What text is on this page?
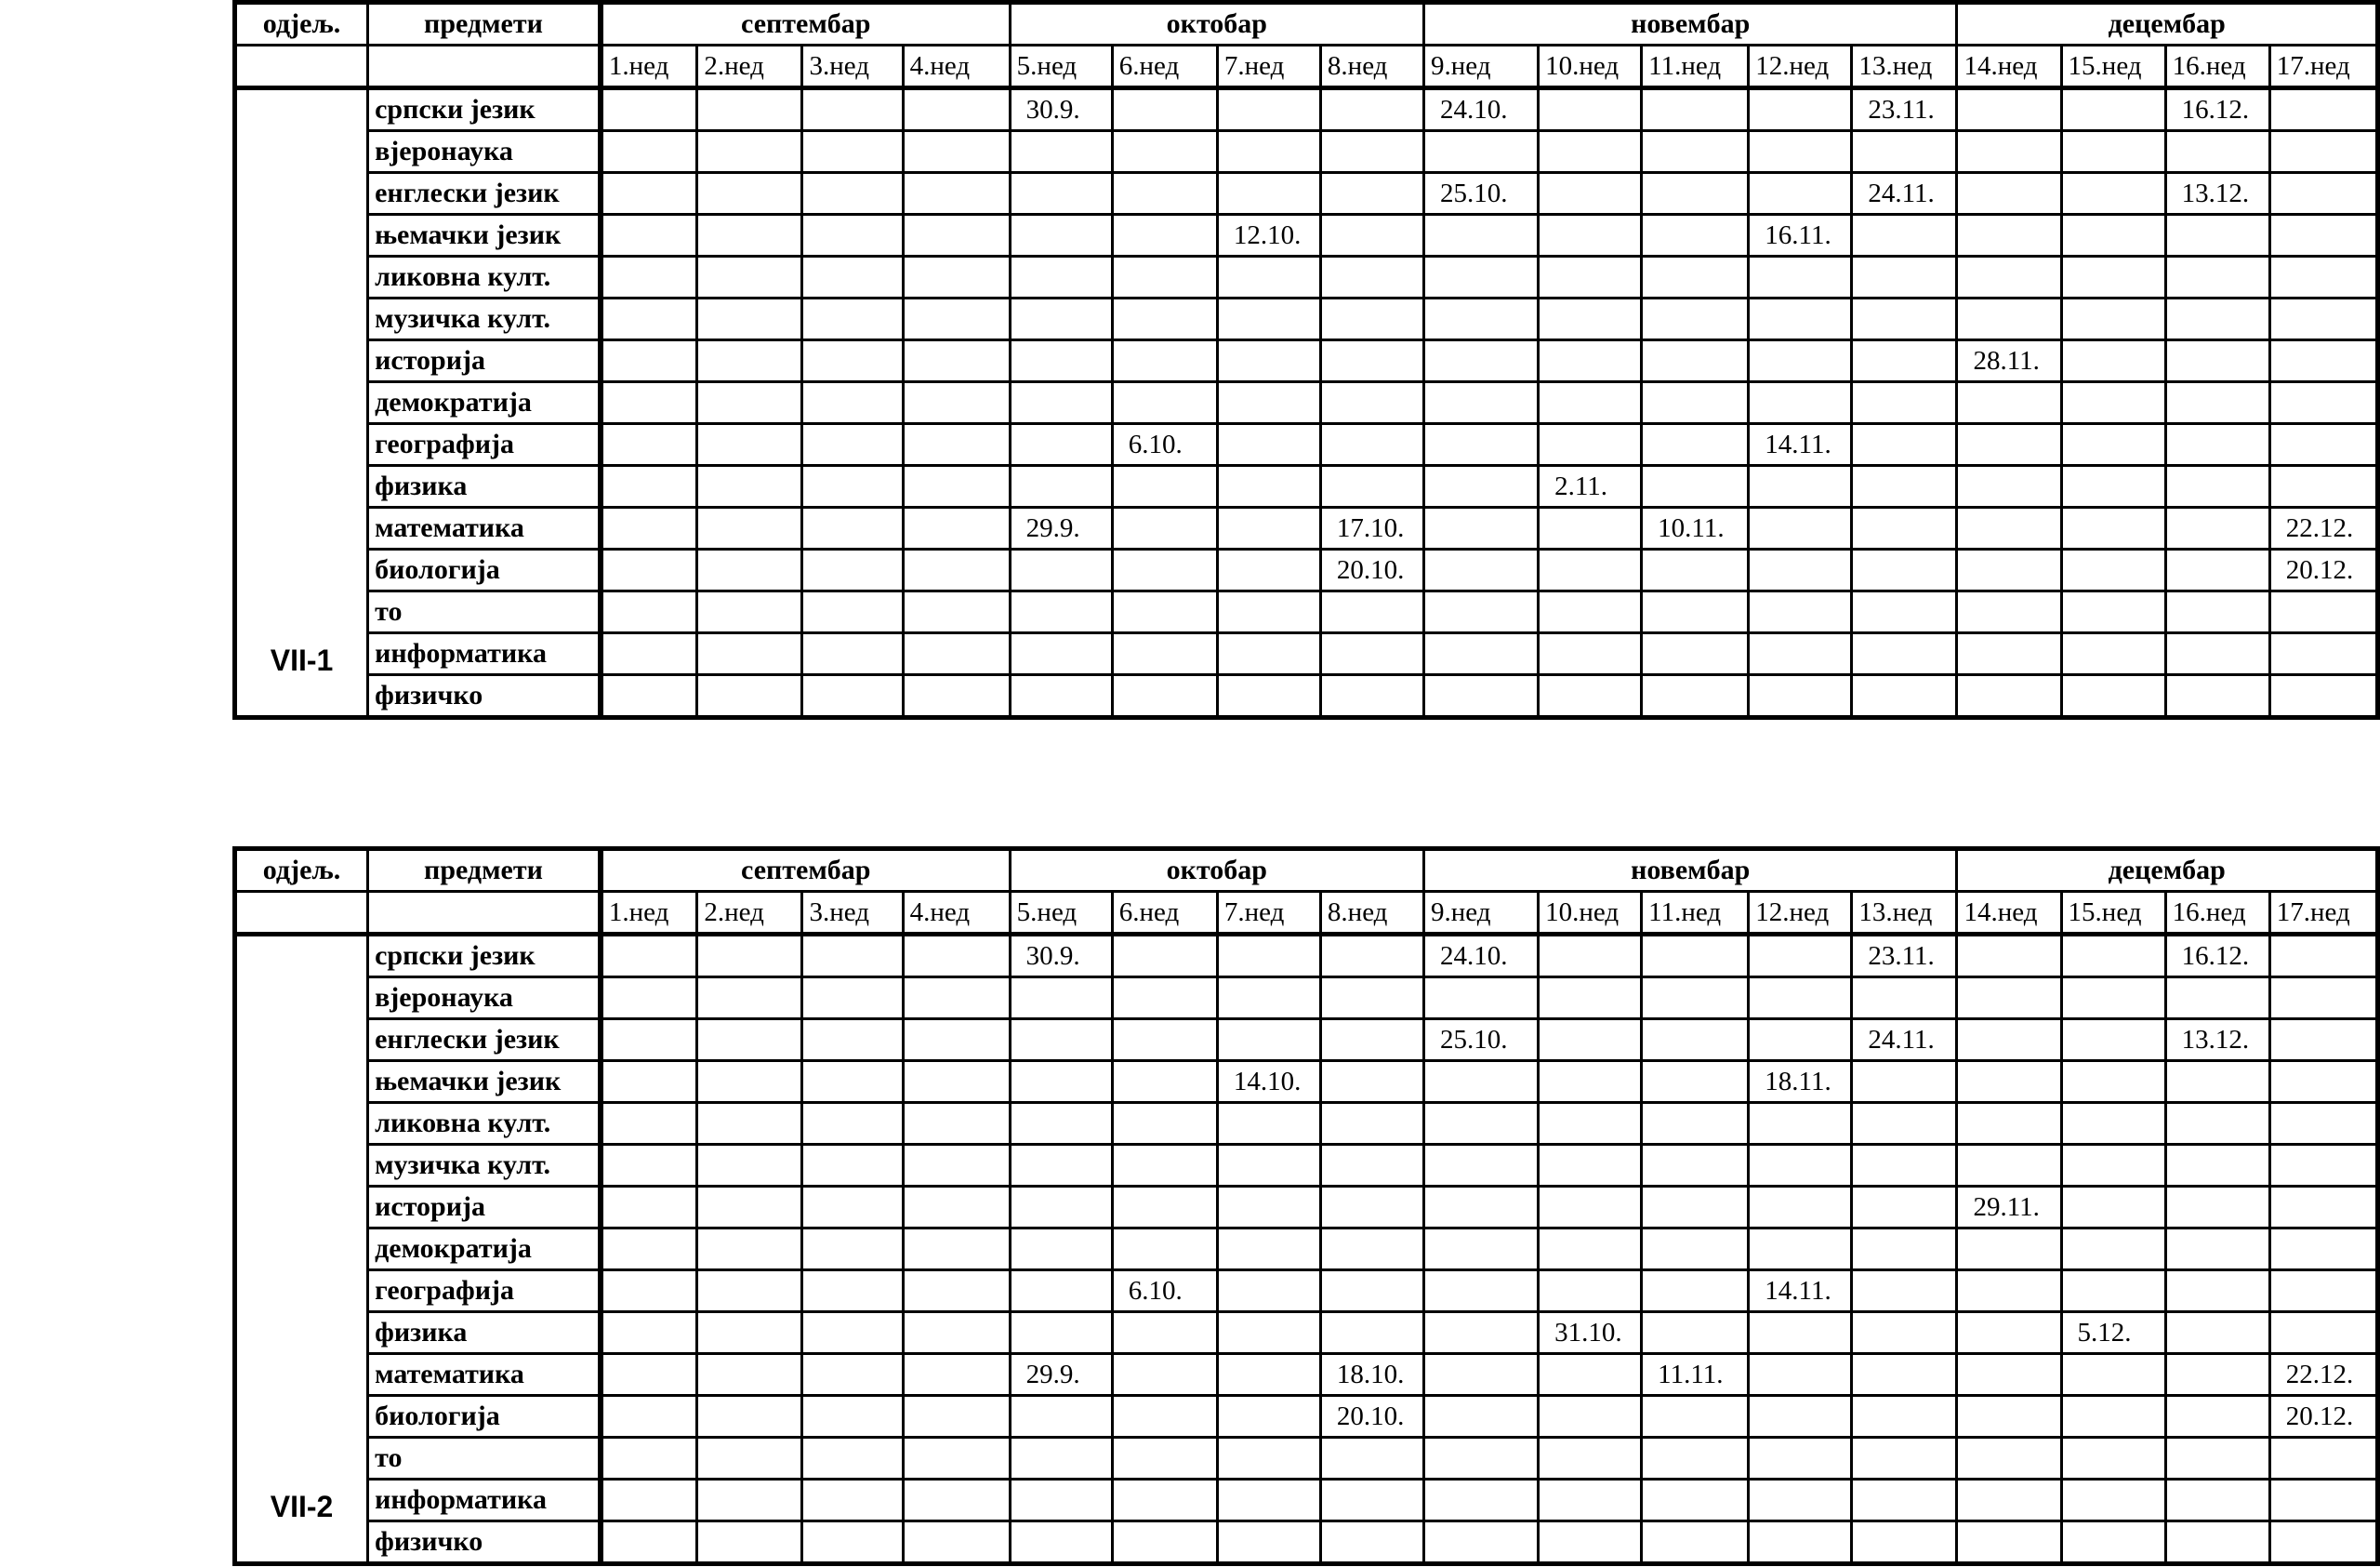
одјељ.	предмети	септембар				октобар				новембар					децембар			
		1.нед	2.нед	3.нед	4.нед	5.нед	6.нед	7.нед	8.нед	9.нед	10.нед	11.нед	12.нед	13.нед	14.нед	15.нед	16.нед	17.нед
VII-1	српски језик					30.9.				24.10.				23.11.			16.12.	
	вјеронаука																	
	енглески језик									25.10.				24.11.			13.12.	
	њемачки језик							12.10.					16.11.					
	ликовна култ.																	
	музичка култ.																	
	историја														28.11.			
	демократија																	
	географија						6.10.						14.11.					
	физика										2.11.							
	математика					29.9.			17.10.			10.11.						22.12.
	биологија								20.10.									20.12.
	то																	
	информатика																	
	физичко																	
одјељ.	предмети	септембар				октобар				новембар					децембар			
		1.нед	2.нед	3.нед	4.нед	5.нед	6.нед	7.нед	8.нед	9.нед	10.нед	11.нед	12.нед	13.нед	14.нед	15.нед	16.нед	17.нед
VII-2	српски језик					30.9.				24.10.				23.11.			16.12.	
	вјеронаука																	
	енглески језик									25.10.				24.11.			13.12.	
	њемачки језик							14.10.					18.11.					
	ликовна култ.																	
	музичка култ.																	
	историја														29.11.			
	демократија																	
	географија						6.10.						14.11.					
	физика										31.10.					5.12.		
	математика					29.9.			18.10.			11.11.						22.12.
	биологија								20.10.									20.12.
	то																	
	информатика																	
	физичко																	
